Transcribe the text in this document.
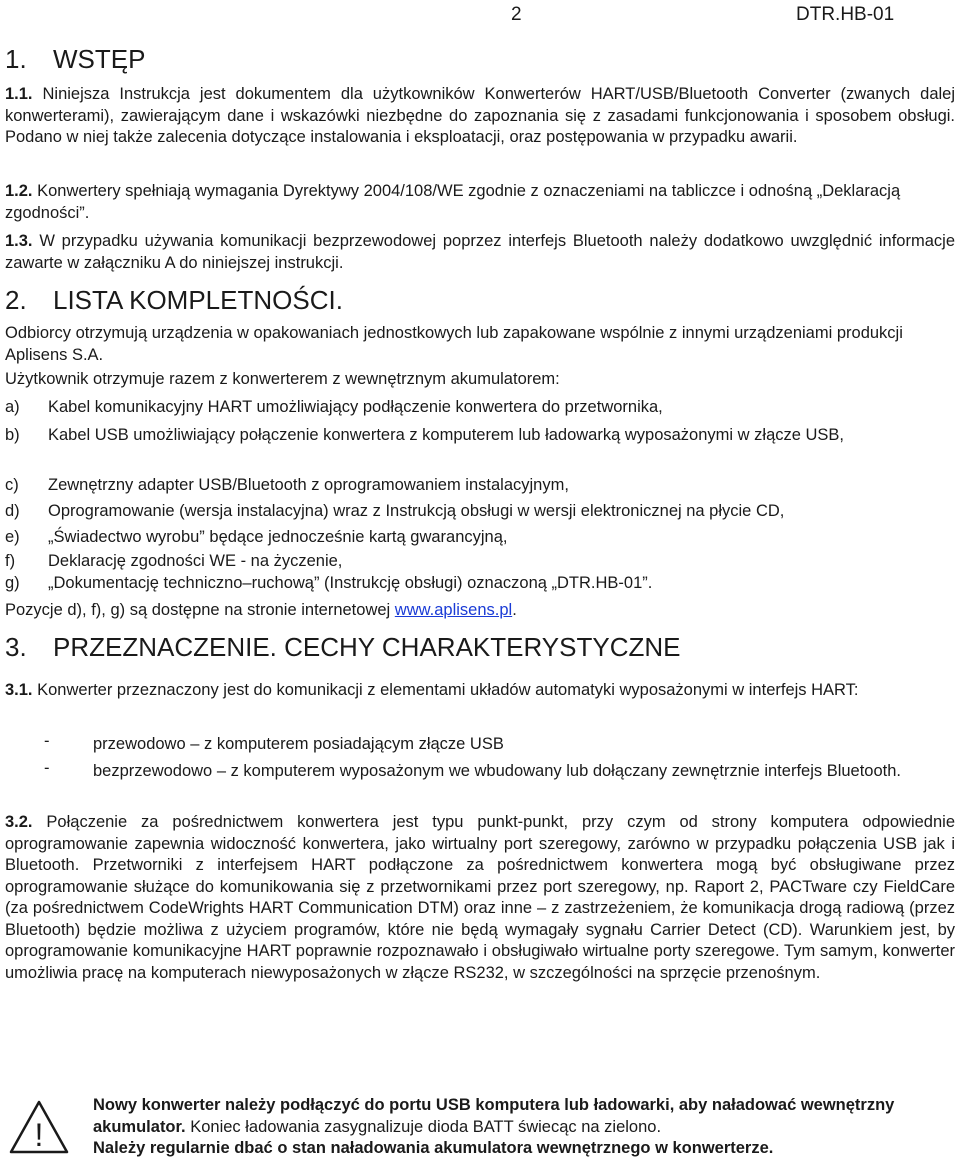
2	DTR.HB-01
1. WSTĘP

1.1. Niniejsza Instrukcja jest dokumentem dla użytkowników Konwerterów HART/USB/Bluetooth Converter (zwanych dalej konwerterami), zawierającym dane i wskazówki niezbędne do zapoznania się z zasadami funkcjonowania i sposobem obsługi. Podano w niej także zalecenia dotyczące instalowania i eksploatacji, oraz postępowania w przypadku awarii.

1.2. Konwertery spełniają wymagania Dyrektywy 2004/108/WE zgodnie z oznaczeniami na tabliczce i odnośną „Deklaracją zgodności”.

1.3. W przypadku używania komunikacji bezprzewodowej poprzez interfejs Bluetooth należy dodatkowo uwzględnić informacje zawarte w załączniku A do niniejszej instrukcji.

2. LISTA KOMPLETNOŚCI.

Odbiorcy otrzymują urządzenia w opakowaniach jednostkowych lub zapakowane wspólnie z innymi urządzeniami produkcji Aplisens S.A.

Użytkownik otrzymuje razem z konwerterem z wewnętrznym akumulatorem:

a) Kabel komunikacyjny HART umożliwiający podłączenie konwertera do przetwornika,
b) Kabel USB umożliwiający połączenie konwertera z komputerem lub ładowarką wyposażonymi w złącze USB,
c) Zewnętrzny adapter USB/Bluetooth z oprogramowaniem instalacyjnym,
d) Oprogramowanie (wersja instalacyjna) wraz z Instrukcją obsługi w wersji elektronicznej na płycie CD,
e) „Świadectwo wyrobu” będące jednocześnie kartą gwarancyjną,
f) Deklarację zgodności WE - na życzenie,
g) „Dokumentację techniczno–ruchową” (Instrukcję obsługi) oznaczoną „DTR.HB-01”.

Pozycje d), f), g) są dostępne na stronie internetowej www.aplisens.pl.

3. PRZEZNACZENIE. CECHY CHARAKTERYSTYCZNE

3.1. Konwerter przeznaczony jest do komunikacji z elementami układów automatyki wyposażonymi w interfejs HART:

-	przewodowo – z komputerem posiadającym złącze USB
-	bezprzewodowo – z komputerem wyposażonym we wbudowany lub dołączany zewnętrznie interfejs Bluetooth.

3.2. Połączenie za pośrednictwem konwertera jest typu punkt-punkt, przy czym od strony komputera odpowiednie oprogramowanie zapewnia widoczność konwertera, jako wirtualny port szeregowy, zarówno w przypadku połączenia USB jak i Bluetooth. Przetworniki z interfejsem HART podłączone za pośrednictwem konwertera mogą być obsługiwane przez oprogramowanie służące do komunikowania się z przetwornikami przez port szeregowy, np. Raport 2, PACTware czy FieldCare (za pośrednictwem CodeWrights HART Communication DTM) oraz inne – z zastrzeżeniem, że komunikacja drogą radiową (przez Bluetooth) będzie możliwa z użyciem programów, które nie będą wymagały sygnału Carrier Detect (CD). Warunkiem jest, by oprogramowanie komunikacyjne HART poprawnie rozpoznawało i obsługiwało wirtualne porty szeregowe. Tym samym, konwerter umożliwia pracę na komputerach niewyposażonych w złącze RS232, w szczególności na sprzęcie przenośnym.

!
Nowy konwerter należy podłączyć do portu USB komputera lub ładowarki, aby naładować wewnętrzny akumulator. Koniec ładowania zasygnalizuje dioda BATT świecąc na zielono.
Należy regularnie dbać o stan naładowania akumulatora wewnętrznego w konwerterze.
